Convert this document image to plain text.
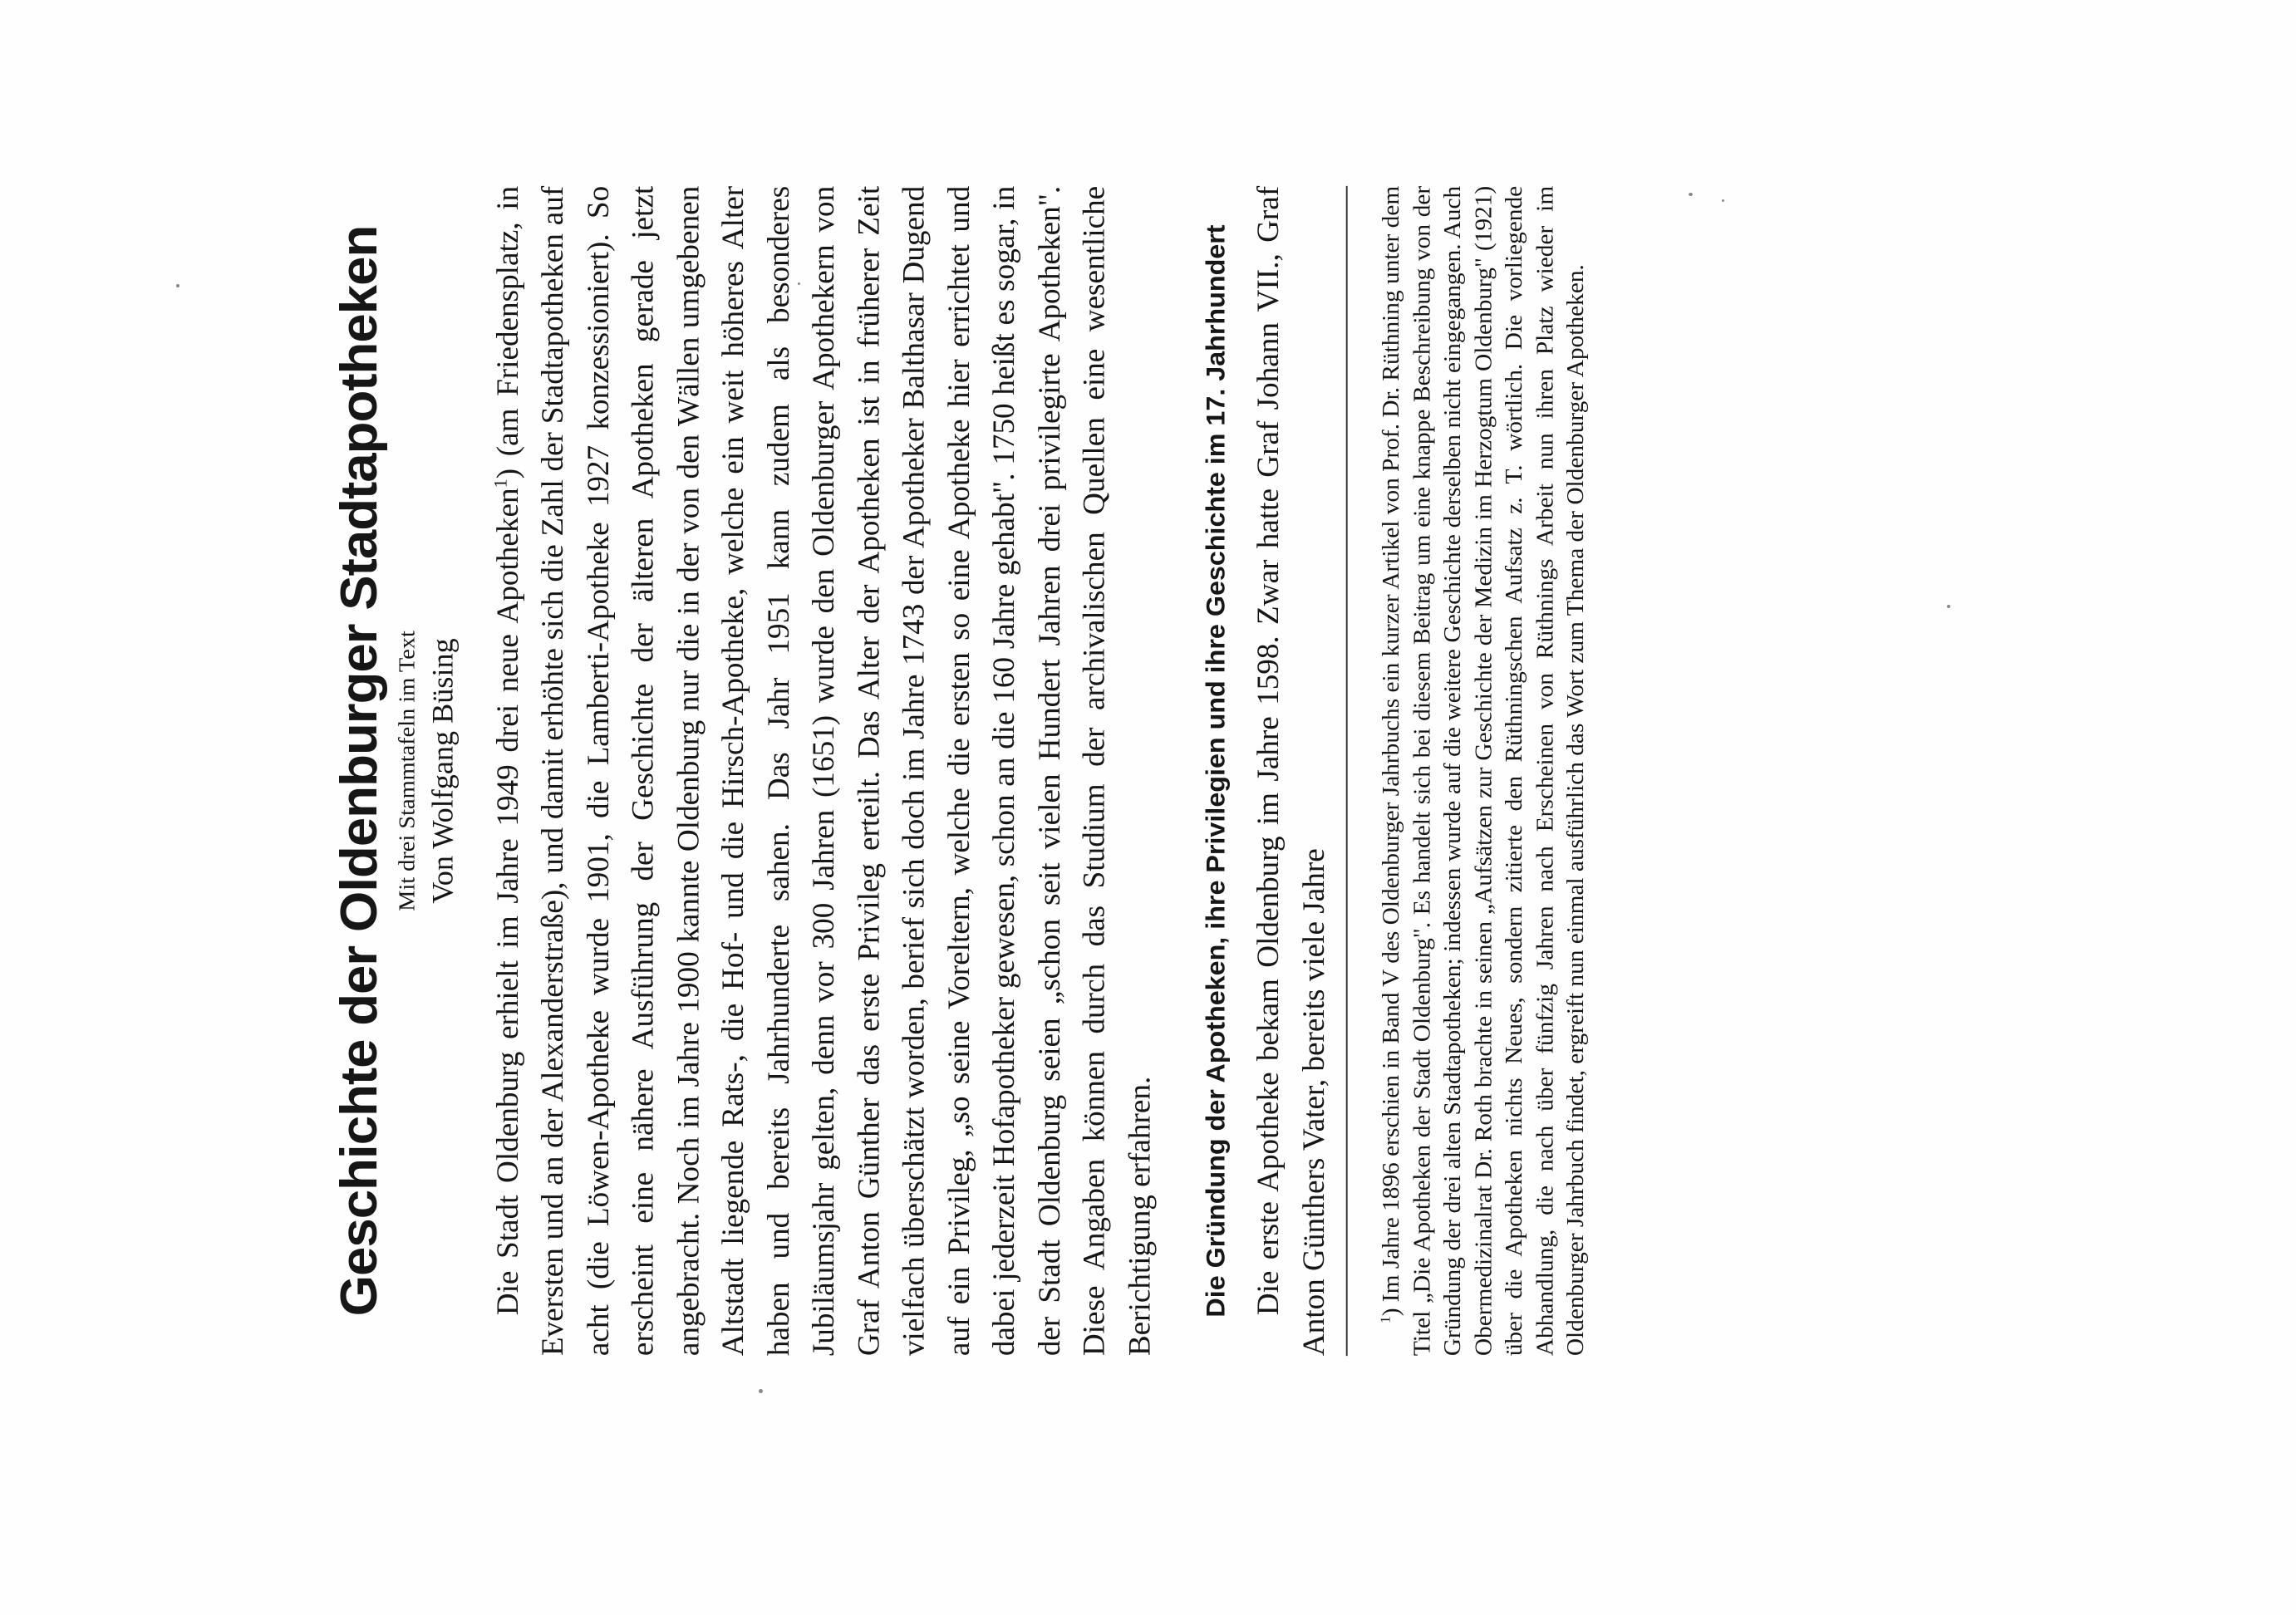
Geschichte der Oldenburger Stadtapotheken Mit drei Stammtafeln im Text Von Wolfgang Büsing	Die Stadt Oldenburg erhielt im Jahre 1949 drei neue Apotheken$^1$) (am Friedensplatz, in Eversten und an der Alexanderstraße), und damit erhöhte sich die Zahl der Stadtapotheken auf acht (die Löwen-Apotheke wurde 1901, die Lamberti-Apotheke 1927 konzessioniert). So erscheint eine nähere Ausführung der Geschichte der älteren Apotheken gerade jetzt angebracht. Noch im Jahre 1900 kannte Oldenburg nur die in der von den Wällen umgebenen Altstadt liegende Rats-, die Hof- und die Hirsch-Apotheke, welche ein weit höheres Alter haben und bereits Jahrhunderte sahen. Das Jahr 1951 kann zudem als besonderes Jubiläumsjahr gelten, denn vor 300 Jahren (1651) wurde den Oldenburger Apothekern von Graf Anton Günther das erste Privileg erteilt. Das Alter der Apotheken ist in früherer Zeit vielfach überschätzt worden, berief sich doch im Jahre 1743 der Apotheker Balthasar Dugend auf ein Privileg, „so seine Voreltern, welche die ersten so eine Apotheke hier errichtet und dabei jederzeit Hofapotheker gewesen, schon an die 160 Jahre gehabt". 1750 heißt es sogar, in der Stadt Oldenburg seien „schon seit vielen Hundert Jahren drei privilegirte Apotheken". Diese Angaben können durch das Studium der archivalischen Quellen eine wesentliche Berichtigung erfahren. Die Gründung der Apotheken, ihre Privilegien und ihre Geschichte im 17. Jahrhundert Die erste Apotheke bekam Oldenburg im Jahre 1598. Zwar hatte Graf Johann VII., Graf Anton Günthers Vater, bereits viele Jahre	$^1$) Im Jahre 1896 erschien in Band V des Oldenburger Jahrbuchs ein kurzer Artikel von Prof. Dr. Rüthning unter dem Titel „Die Apotheken der Stadt Oldenburg". Es handelt sich bei diesem Beitrag um eine knappe Beschreibung von der Gründung der drei alten Stadtapotheken; indessen wurde auf die weitere Geschichte derselben nicht eingegangen. Auch Obermedizinalrat Dr. Roth brachte in seinen „Aufsätzen zur Geschichte der Medizin im Herzogtum Oldenburg" (1921) über die Apotheken nichts Neues, sondern zitierte den Rüthningschen Aufsatz z. T. wörtlich. Die vorliegende Abhandlung, die nach über fünfzig Jahren nach Erscheinen von Rüthnings Arbeit nun ihren Platz wieder im Oldenburger Jahrbuch findet, ergreift nun einmal ausführlich das Wort zum Thema der Oldenburger Apotheken.
